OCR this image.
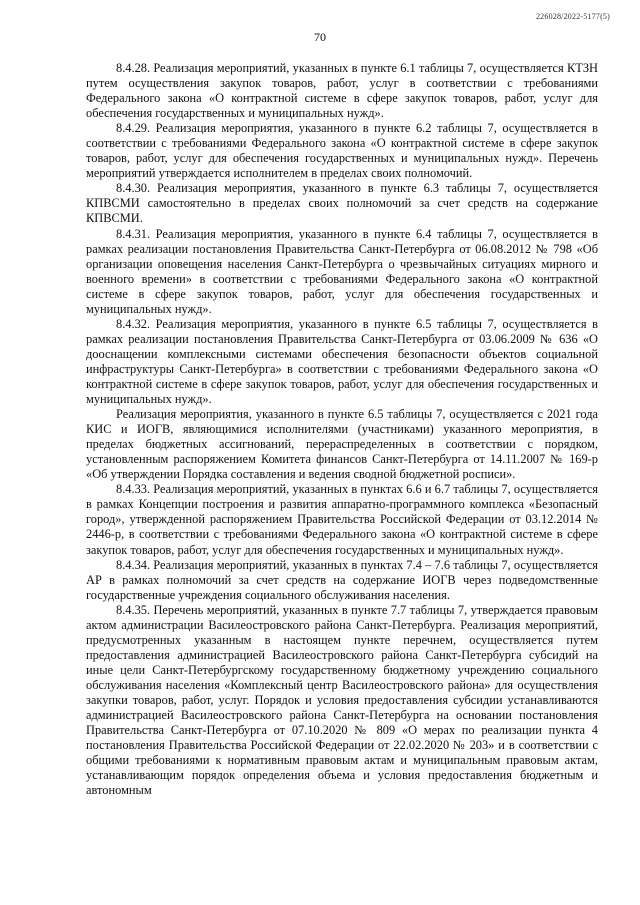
226028/2022-5177(5)
70

8.4.28. Реализация мероприятий, указанных в пункте 6.1 таблицы 7, осуществляется КТЗН путем осуществления закупок товаров, работ, услуг в соответствии с требованиями Федерального закона «О контрактной системе в сфере закупок товаров, работ, услуг для обеспечения государственных и муниципальных нужд».

8.4.29. Реализация мероприятия, указанного в пункте 6.2 таблицы 7, осуществляется в соответствии с требованиями Федерального закона «О контрактной системе в сфере закупок товаров, работ, услуг для обеспечения государственных и муниципальных нужд». Перечень мероприятий утверждается исполнителем в пределах своих полномочий.

8.4.30. Реализация мероприятия, указанного в пункте 6.3 таблицы 7, осуществляется КПВСМИ самостоятельно в пределах своих полномочий за счет средств на содержание КПВСМИ.

8.4.31. Реализация мероприятия, указанного в пункте 6.4 таблицы 7, осуществляется в рамках реализации постановления Правительства Санкт-Петербурга от 06.08.2012 № 798 «Об организации оповещения населения Санкт-Петербурга о чрезвычайных ситуациях мирного и военного времени» в соответствии с требованиями Федерального закона «О контрактной системе в сфере закупок товаров, работ, услуг для обеспечения государственных и муниципальных нужд».

8.4.32. Реализация мероприятия, указанного в пункте 6.5 таблицы 7, осуществляется в рамках реализации постановления Правительства Санкт-Петербурга от 03.06.2009 № 636 «О дооснащении комплексными системами обеспечения безопасности объектов социальной инфраструктуры Санкт-Петербурга» в соответствии с требованиями Федерального закона «О контрактной системе в сфере закупок товаров, работ, услуг для обеспечения государственных и муниципальных нужд».

Реализация мероприятия, указанного в пункте 6.5 таблицы 7, осуществляется с 2021 года КИС и ИОГВ, являющимися исполнителями (участниками) указанного мероприятия, в пределах бюджетных ассигнований, перераспределенных в соответствии с порядком, установленным распоряжением Комитета финансов Санкт-Петербурга от 14.11.2007 № 169-р «Об утверждении Порядка составления и ведения сводной бюджетной росписи».

8.4.33. Реализация мероприятий, указанных в пунктах 6.6 и 6.7 таблицы 7, осуществляется в рамках Концепции построения и развития аппаратно-программного комплекса «Безопасный город», утвержденной распоряжением Правительства Российской Федерации от 03.12.2014 № 2446-р, в соответствии с требованиями Федерального закона «О контрактной системе в сфере закупок товаров, работ, услуг для обеспечения государственных и муниципальных нужд».

8.4.34. Реализация мероприятий, указанных в пунктах 7.4 – 7.6 таблицы 7, осуществляется АР в рамках полномочий за счет средств на содержание ИОГВ через подведомственные государственные учреждения социального обслуживания населения.

8.4.35. Перечень мероприятий, указанных в пункте 7.7 таблицы 7, утверждается правовым актом администрации Василеостровского района Санкт-Петербурга. Реализация мероприятий, предусмотренных указанным в настоящем пункте перечнем, осуществляется путем предоставления администрацией Василеостровского района Санкт-Петербурга субсидий на иные цели Санкт-Петербургскому государственному бюджетному учреждению социального обслуживания населения «Комплексный центр Василеостровского района» для осуществления закупки товаров, работ, услуг. Порядок и условия предоставления субсидии устанавливаются администрацией Василеостровского района Санкт-Петербурга на основании постановления Правительства Санкт-Петербурга от 07.10.2020 № 809 «О мерах по реализации пункта 4 постановления Правительства Российской Федерации от 22.02.2020 № 203» и в соответствии с общими требованиями к нормативным правовым актам и муниципальным правовым актам, устанавливающим порядок определения объема и условия предоставления бюджетным и автономным
